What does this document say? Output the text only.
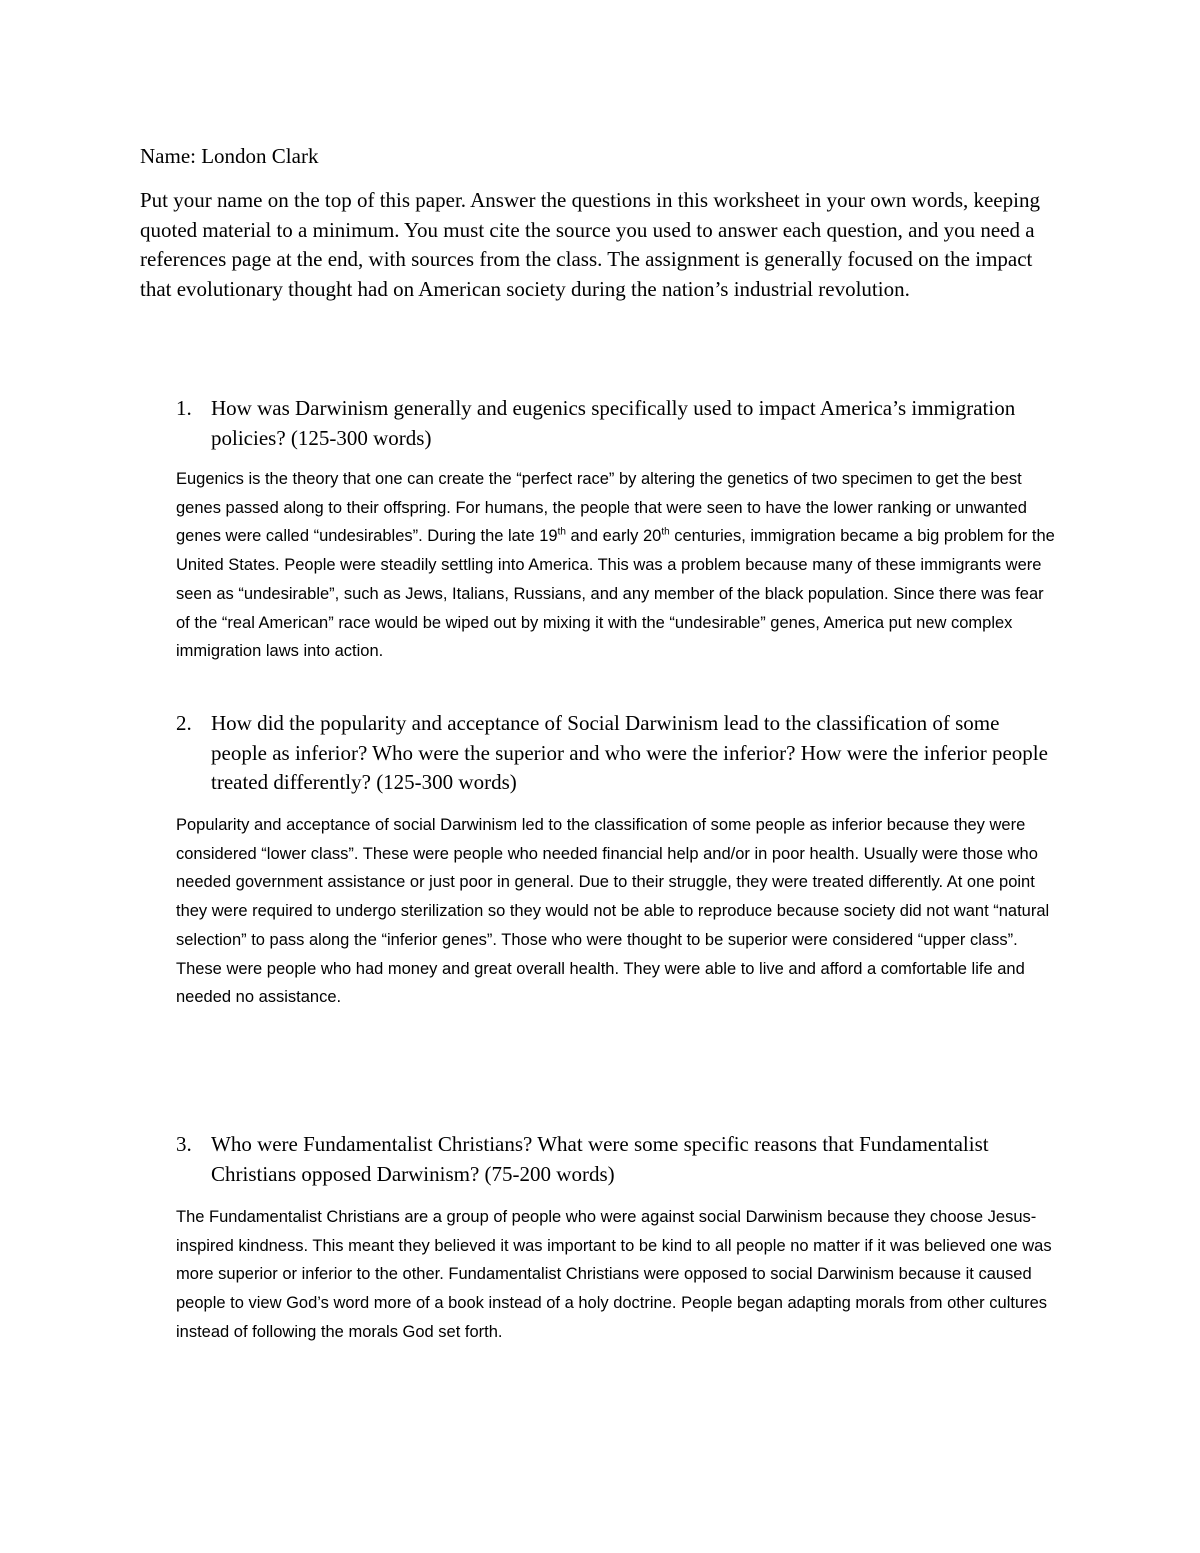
Name: London Clark

Put your name on the top of this paper. Answer the questions in this worksheet in your own words, keeping quoted material to a minimum. You must cite the source you used to answer each question, and you need a references page at the end, with sources from the class. The assignment is generally focused on the impact that evolutionary thought had on American society during the nation’s industrial revolution.

1. How was Darwinism generally and eugenics specifically used to impact America’s immigration policies? (125-300 words)

Eugenics is the theory that one can create the “perfect race” by altering the genetics of two specimen to get the best genes passed along to their offspring. For humans, the people that were seen to have the lower ranking or unwanted genes were called “undesirables”. During the late 19th and early 20th centuries, immigration became a big problem for the United States. People were steadily settling into America. This was a problem because many of these immigrants were seen as “undesirable”, such as Jews, Italians, Russians, and any member of the black population. Since there was fear of the “real American” race would be wiped out by mixing it with the “undesirable” genes, America put new complex immigration laws into action.

2. How did the popularity and acceptance of Social Darwinism lead to the classification of some people as inferior? Who were the superior and who were the inferior? How were the inferior people treated differently? (125-300 words)

Popularity and acceptance of social Darwinism led to the classification of some people as inferior because they were considered “lower class”. These were people who needed financial help and/or in poor health. Usually were those who needed government assistance or just poor in general. Due to their struggle, they were treated differently. At one point they were required to undergo sterilization so they would not be able to reproduce because society did not want “natural selection” to pass along the “inferior genes”. Those who were thought to be superior were considered “upper class”. These were people who had money and great overall health. They were able to live and afford a comfortable life and needed no assistance.

3. Who were Fundamentalist Christians? What were some specific reasons that Fundamentalist Christians opposed Darwinism? (75-200 words)

The Fundamentalist Christians are a group of people who were against social Darwinism because they choose Jesus-inspired kindness. This meant they believed it was important to be kind to all people no matter if it was believed one was more superior or inferior to the other. Fundamentalist Christians were opposed to social Darwinism because it caused people to view God’s word more of a book instead of a holy doctrine. People began adapting morals from other cultures instead of following the morals God set forth.
